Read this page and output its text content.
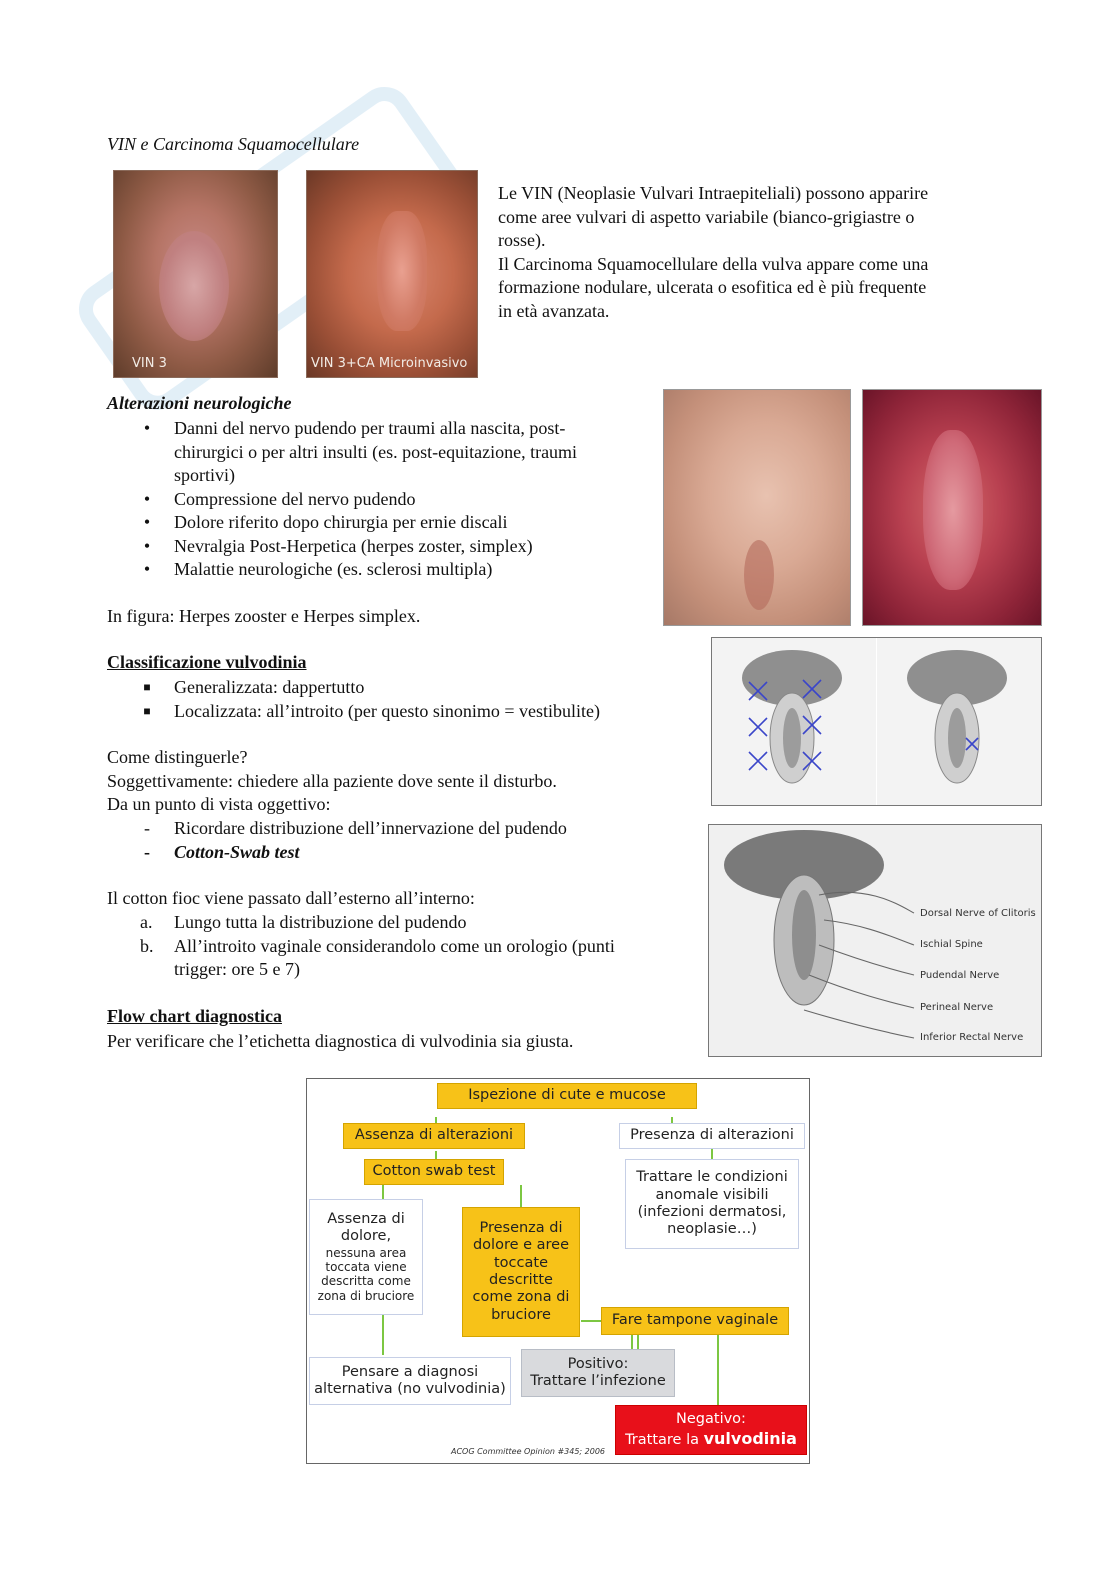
VIN e Carcinoma Squamocellulare
VIN 3	VIN 3+CA Microinvasivo
Le VIN (Neoplasie Vulvari Intraepiteliali) possono apparire
come aree vulvari di aspetto variabile (bianco-grigiastre o
rosse).
Il Carcinoma Squamocellulare della vulva appare come una
formazione nodulare, ulcerata o esofitica ed è più frequente
in età avanzata.
Alterazioni neurologiche
•	Danni del nervo pudendo per traumi alla nascita, post-
chirurgici o per altri insulti (es. post-equitazione, traumi
sportivi)
•	Compressione del nervo pudendo
•	Dolore riferito dopo chirurgia per ernie discali
•	Nevralgia Post-Herpetica (herpes zoster, simplex)
•	Malattie neurologiche (es. sclerosi multipla)
In figura: Herpes zooster e Herpes simplex.
Classificazione vulvodinia
■ Generalizzata: dappertutto
■ Localizzata: all’introito (per questo sinonimo = vestibulite)
Come distinguerle?
Soggettivamente: chiedere alla paziente dove sente il disturbo.
Da un punto di vista oggettivo:
-	Ricordare distribuzione dell’innervazione del pudendo
-	Cotton-Swab test
Il cotton fioc viene passato dall’esterno all’interno:
a. Lungo tutta la distribuzione del pudendo
b. All’introito vaginale considerandolo come un orologio (punti
trigger: ore 5 e 7)
Dorsal Nerve of Clitoris
Ischial Spine
Pudendal Nerve
Perineal Nerve
Inferior Rectal Nerve
Flow chart diagnostica
Per verificare che l’etichetta diagnostica di vulvodinia sia giusta.
Ispezione di cute e mucose
Assenza di alterazioni	Presenza di alterazioni
Cotton swab test	Trattare le condizioni
anomale visibili
(infezioni dermatosi,
neoplasie…)
Assenza di
dolore,
nessuna area
toccata viene
descritta come
zona di bruciore
Presenza di
dolore e aree
toccate
descritte
come zona di
bruciore	Fare tampone vaginale
Pensare a diagnosi
alternativa (no vulvodinia)
Positivo:
Trattare l’infezione
Negativo:
Trattare la vulvodinia
ACOG Committee Opinion #345; 2006
